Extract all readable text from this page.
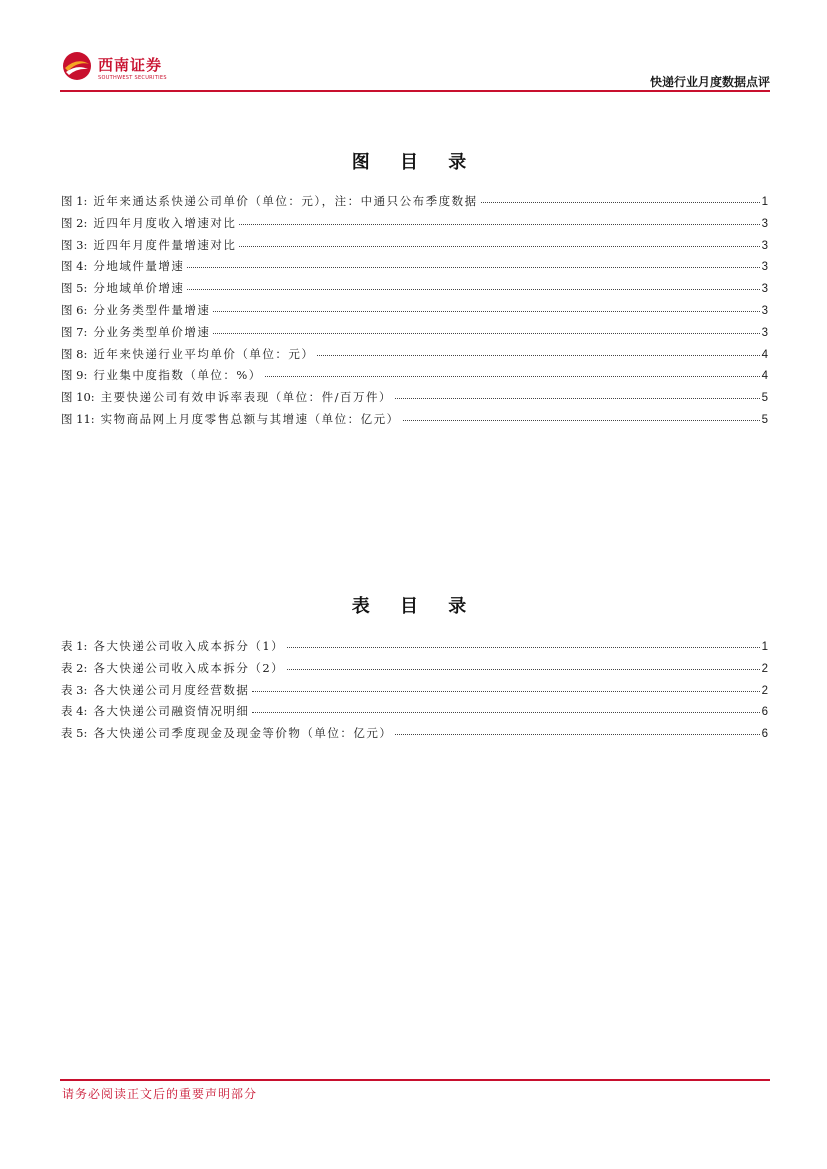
西南证券
SOUTHWEST SECURITIES	快递行业月度数据点评
图 目 录
图 1: 近年来通达系快递公司单价（单位：元），注：中通只公布季度数据	1
图 2: 近四年月度收入增速对比	3
图 3: 近四年月度件量增速对比	3
图 4: 分地域件量增速	3
图 5: 分地域单价增速	3
图 6: 分业务类型件量增速	3
图 7: 分业务类型单价增速	3
图 8: 近年来快递行业平均单价（单位：元）	4
图 9: 行业集中度指数（单位：%）	4
图 10: 主要快递公司有效申诉率表现（单位：件/百万件）	5
图 11: 实物商品网上月度零售总额与其增速（单位：亿元）	5
表 目 录
表 1: 各大快递公司收入成本拆分（1）	1
表 2: 各大快递公司收入成本拆分（2）	2
表 3: 各大快递公司月度经营数据	2
表 4: 各大快递公司融资情况明细	6
表 5: 各大快递公司季度现金及现金等价物（单位：亿元）	6
请务必阅读正文后的重要声明部分
